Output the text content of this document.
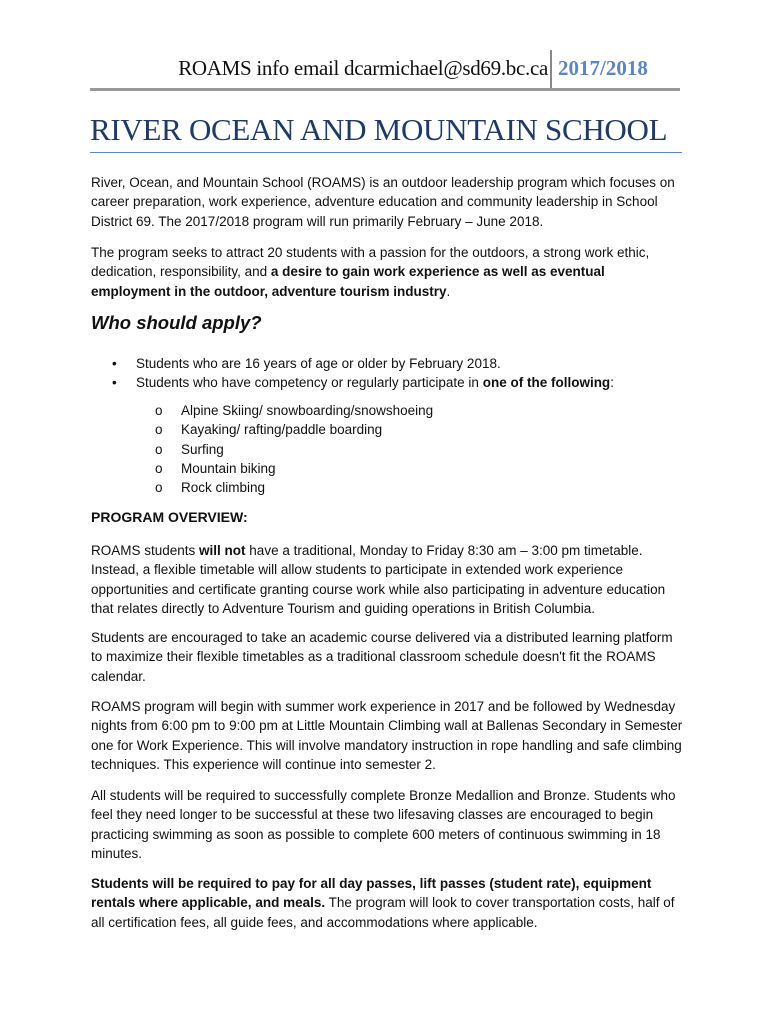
ROAMS info email dcarmichael@sd69.bc.ca 2017/2018
RIVER OCEAN AND MOUNTAIN SCHOOL

River, Ocean, and Mountain School (ROAMS) is an outdoor leadership program which focuses on career preparation, work experience, adventure education and community leadership in School District 69. The 2017/2018 program will run primarily February – June 2018.

The program seeks to attract 20 students with a passion for the outdoors, a strong work ethic, dedication, responsibility, and a desire to gain work experience as well as eventual employment in the outdoor, adventure tourism industry.

Who should apply?
• Students who are 16 years of age or older by February 2018.
• Students who have competency or regularly participate in one of the following:
o Alpine Skiing/ snowboarding/snowshoeing
o Kayaking/ rafting/paddle boarding
o Surfing
o Mountain biking
o Rock climbing
PROGRAM OVERVIEW:

ROAMS students will not have a traditional, Monday to Friday 8:30 am – 3:00 pm timetable. Instead, a flexible timetable will allow students to participate in extended work experience opportunities and certificate granting course work while also participating in adventure education that relates directly to Adventure Tourism and guiding operations in British Columbia.

Students are encouraged to take an academic course delivered via a distributed learning platform to maximize their flexible timetables as a traditional classroom schedule doesn't fit the ROAMS calendar.

ROAMS program will begin with summer work experience in 2017 and be followed by Wednesday nights from 6:00 pm to 9:00 pm at Little Mountain Climbing wall at Ballenas Secondary in Semester one for Work Experience. This will involve mandatory instruction in rope handling and safe climbing techniques. This experience will continue into semester 2.

All students will be required to successfully complete Bronze Medallion and Bronze. Students who feel they need longer to be successful at these two lifesaving classes are encouraged to begin practicing swimming as soon as possible to complete 600 meters of continuous swimming in 18 minutes.

Students will be required to pay for all day passes, lift passes (student rate), equipment rentals where applicable, and meals. The program will look to cover transportation costs, half of all certification fees, all guide fees, and accommodations where applicable.
